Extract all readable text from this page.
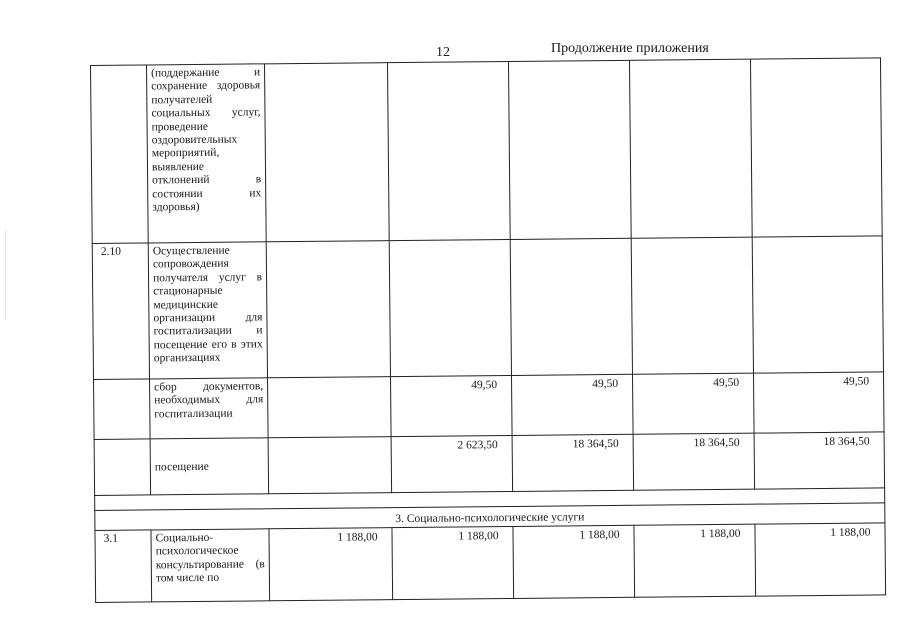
12	Продолжение приложения
	(поддержание и сохранение здоровья получателей социальных услуг, проведение оздоровительных мероприятий, выявление отклонений в состоянии их здоровья)					
2.10	Осуществление сопровождения получателя услуг в стационарные медицинские организации для госпитализации и посещение его в этих организациях					
	сбор документов, необходимых для госпитализации		49,50	49,50	49,50	49,50
	посещение		2 623,50	18 364,50	18 364,50	18 364,50

3. Социально-психологические услуги						
3.1	Социально-психологическое консультирование (в том числе по	1 188,00	1 188,00	1 188,00	1 188,00	1 188,00
